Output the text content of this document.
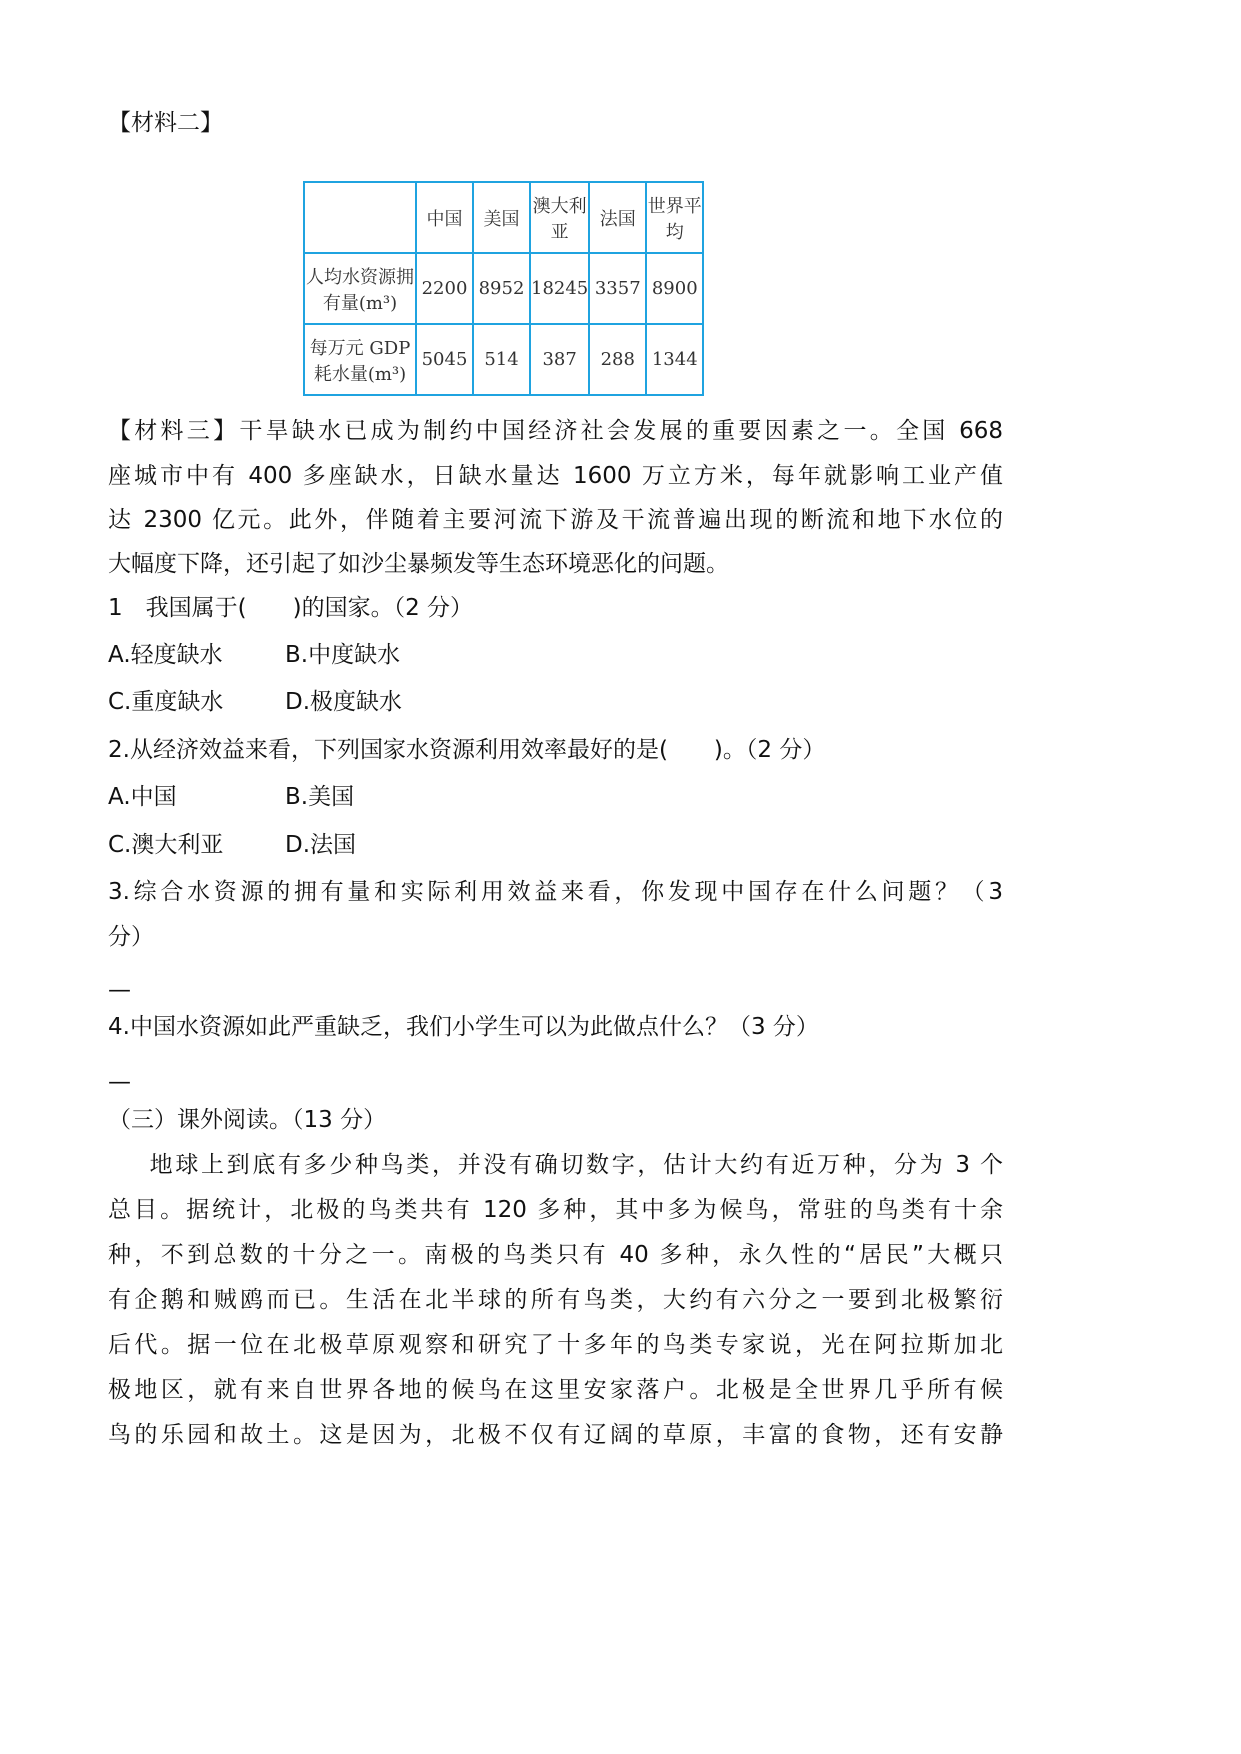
【材料二】
	中国	美国	澳大利亚	法国	世界平均
人均水资源拥有量(m³)	2200	8952	18245	3357	8900
每万元 GDP 耗水量(m³)	5045	514	387	288	1344
【材料三】干旱缺水已成为制约中国经济社会发展的重要因素之一。全国 668
座城市中有 400 多座缺水，日缺水量达 1600 万立方米，每年就影响工业产值
达 2300 亿元。此外，伴随着主要河流下游及干流普遍出现的断流和地下水位的
大幅度下降，还引起了如沙尘暴频发等生态环境恶化的问题。
1　我国属于(　　)的国家。（2 分）
A.轻度缺水	B.中度缺水
C.重度缺水	D.极度缺水
2.从经济效益来看，下列国家水资源利用效率最好的是(　　)。（2 分）
A.中国	B.美国
C.澳大利亚	D.法国
3.综合水资源的拥有量和实际利用效益来看，你发现中国存在什么问题？（3
分）
—
4.中国水资源如此严重缺乏，我们小学生可以为此做点什么？（3 分）
—
（三）课外阅读。（13 分）
　地球上到底有多少种鸟类，并没有确切数字，估计大约有近万种，分为 3 个
总目。据统计，北极的鸟类共有 120 多种，其中多为候鸟，常驻的鸟类有十余
种，不到总数的十分之一。南极的鸟类只有 40 多种，永久性的“居民”大概只
有企鹅和贼鸥而已。生活在北半球的所有鸟类，大约有六分之一要到北极繁衍
后代。据一位在北极草原观察和研究了十多年的鸟类专家说，光在阿拉斯加北
极地区，就有来自世界各地的候鸟在这里安家落户。北极是全世界几乎所有候
鸟的乐园和故土。这是因为，北极不仅有辽阔的草原，丰富的食物，还有安静
